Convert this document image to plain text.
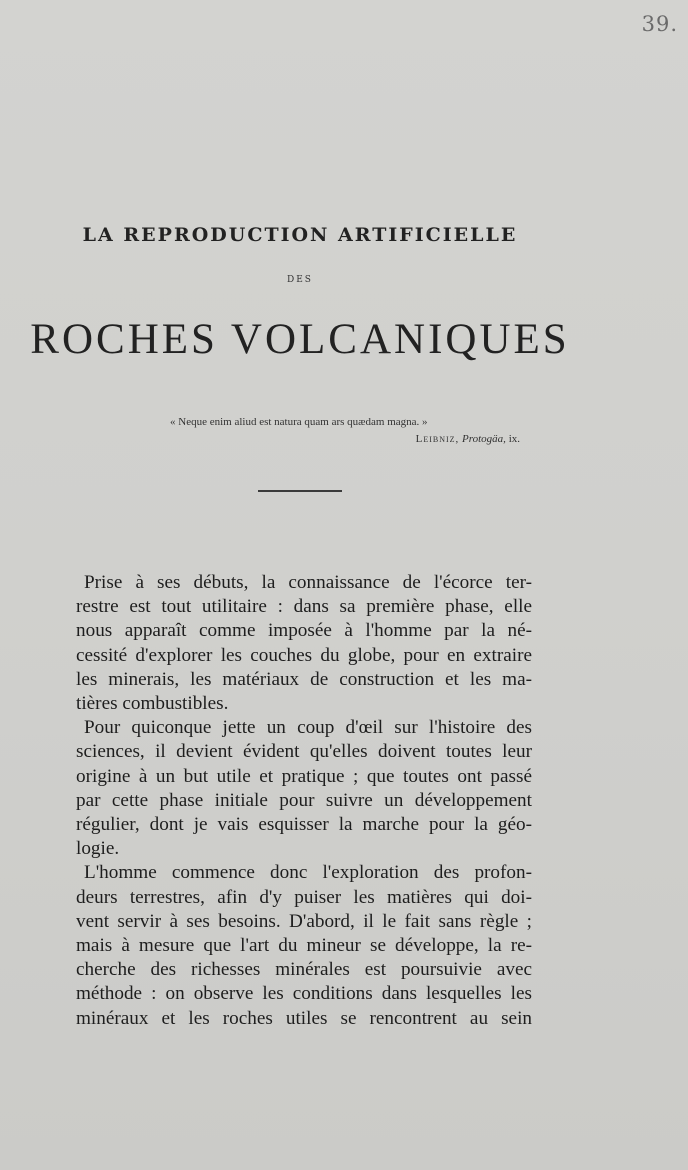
39.
LA REPRODUCTION ARTIFICIELLE
DES
ROCHES VOLCANIQUES
« Neque enim aliud est natura quam ars quædam magna. »
Leibniz, Protogäa, ix.

Prise à ses débuts, la connaissance de l'écorce ter-
restre est tout utilitaire : dans sa première phase, elle
nous apparaît comme imposée à l'homme par la né-
cessité d'explorer les couches du globe, pour en extraire
les minerais, les matériaux de construction et les ma-
tières combustibles.

Pour quiconque jette un coup d'œil sur l'histoire des
sciences, il devient évident qu'elles doivent toutes leur
origine à un but utile et pratique ; que toutes ont passé
par cette phase initiale pour suivre un développement
régulier, dont je vais esquisser la marche pour la géo-
logie.

L'homme commence donc l'exploration des profon-
deurs terrestres, afin d'y puiser les matières qui doi-
vent servir à ses besoins. D'abord, il le fait sans règle ;
mais à mesure que l'art du mineur se développe, la re-
cherche des richesses minérales est poursuivie avec
méthode : on observe les conditions dans lesquelles les
minéraux et les roches utiles se rencontrent au sein
